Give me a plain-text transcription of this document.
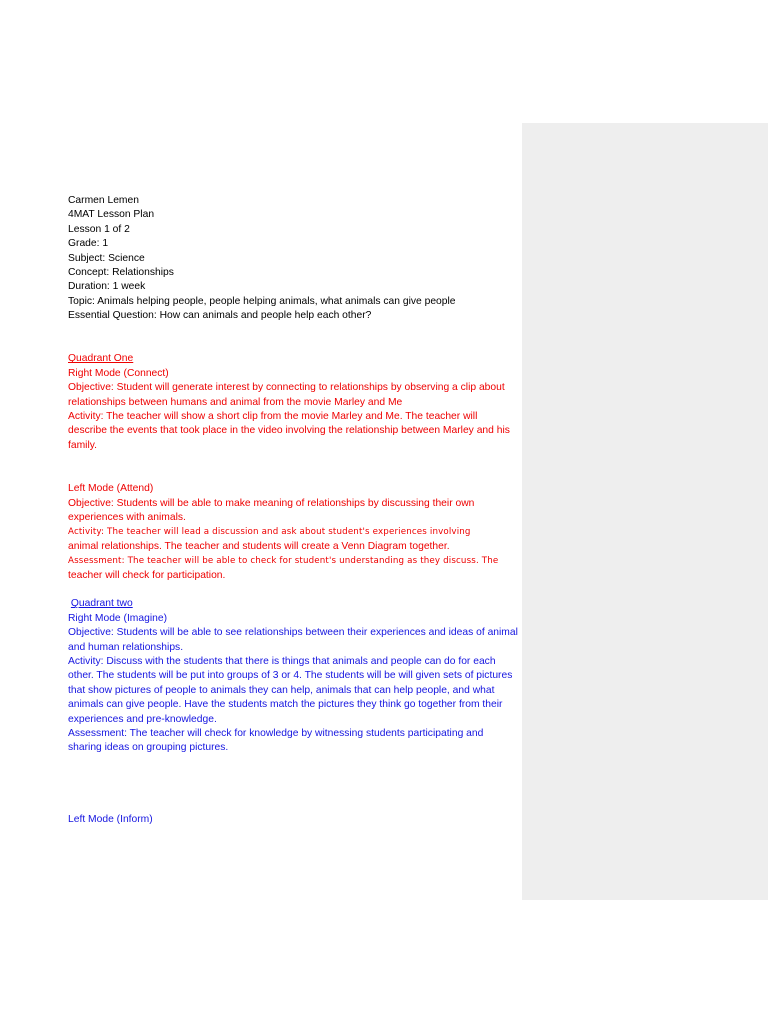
Carmen Lemen

4MAT Lesson Plan

Lesson 1 of 2

Grade: 1

Subject: Science

Concept: Relationships

Duration: 1 week

Topic: Animals helping people, people helping animals, what animals can give people

Essential Question: How can animals and people help each other?

Quadrant One

Right Mode (Connect)

Objective: Student will generate interest by connecting to relationships by observing a clip about relationships between humans and animal from the movie Marley and Me

Activity: The teacher will show a short clip from the movie Marley and Me. The teacher will describe the events that took place in the video involving the relationship between Marley and his family.

Left Mode (Attend)

Objective: Students will be able to make meaning of relationships by discussing their own experiences with animals.

Activity: The teacher will lead a discussion and ask about student's experiences involving

animal relationships. The teacher and students will create a Venn Diagram together.

Assessment: The teacher will be able to check for student's understanding as they discuss. The

teacher will check for participation.

Quadrant two

Right Mode (Imagine)

Objective: Students will be able to see relationships between their experiences and ideas of animal and human relationships.

Activity: Discuss with the students that there is things that animals and people can do for each other. The students will be put into groups of 3 or 4. The students will be will given sets of pictures that show pictures of people to animals they can help, animals that can help people, and what animals can give people. Have the students match the pictures they think go together from their experiences and pre-knowledge.

Assessment: The teacher will check for knowledge by witnessing students participating and sharing ideas on grouping pictures.

Left Mode (Inform)
